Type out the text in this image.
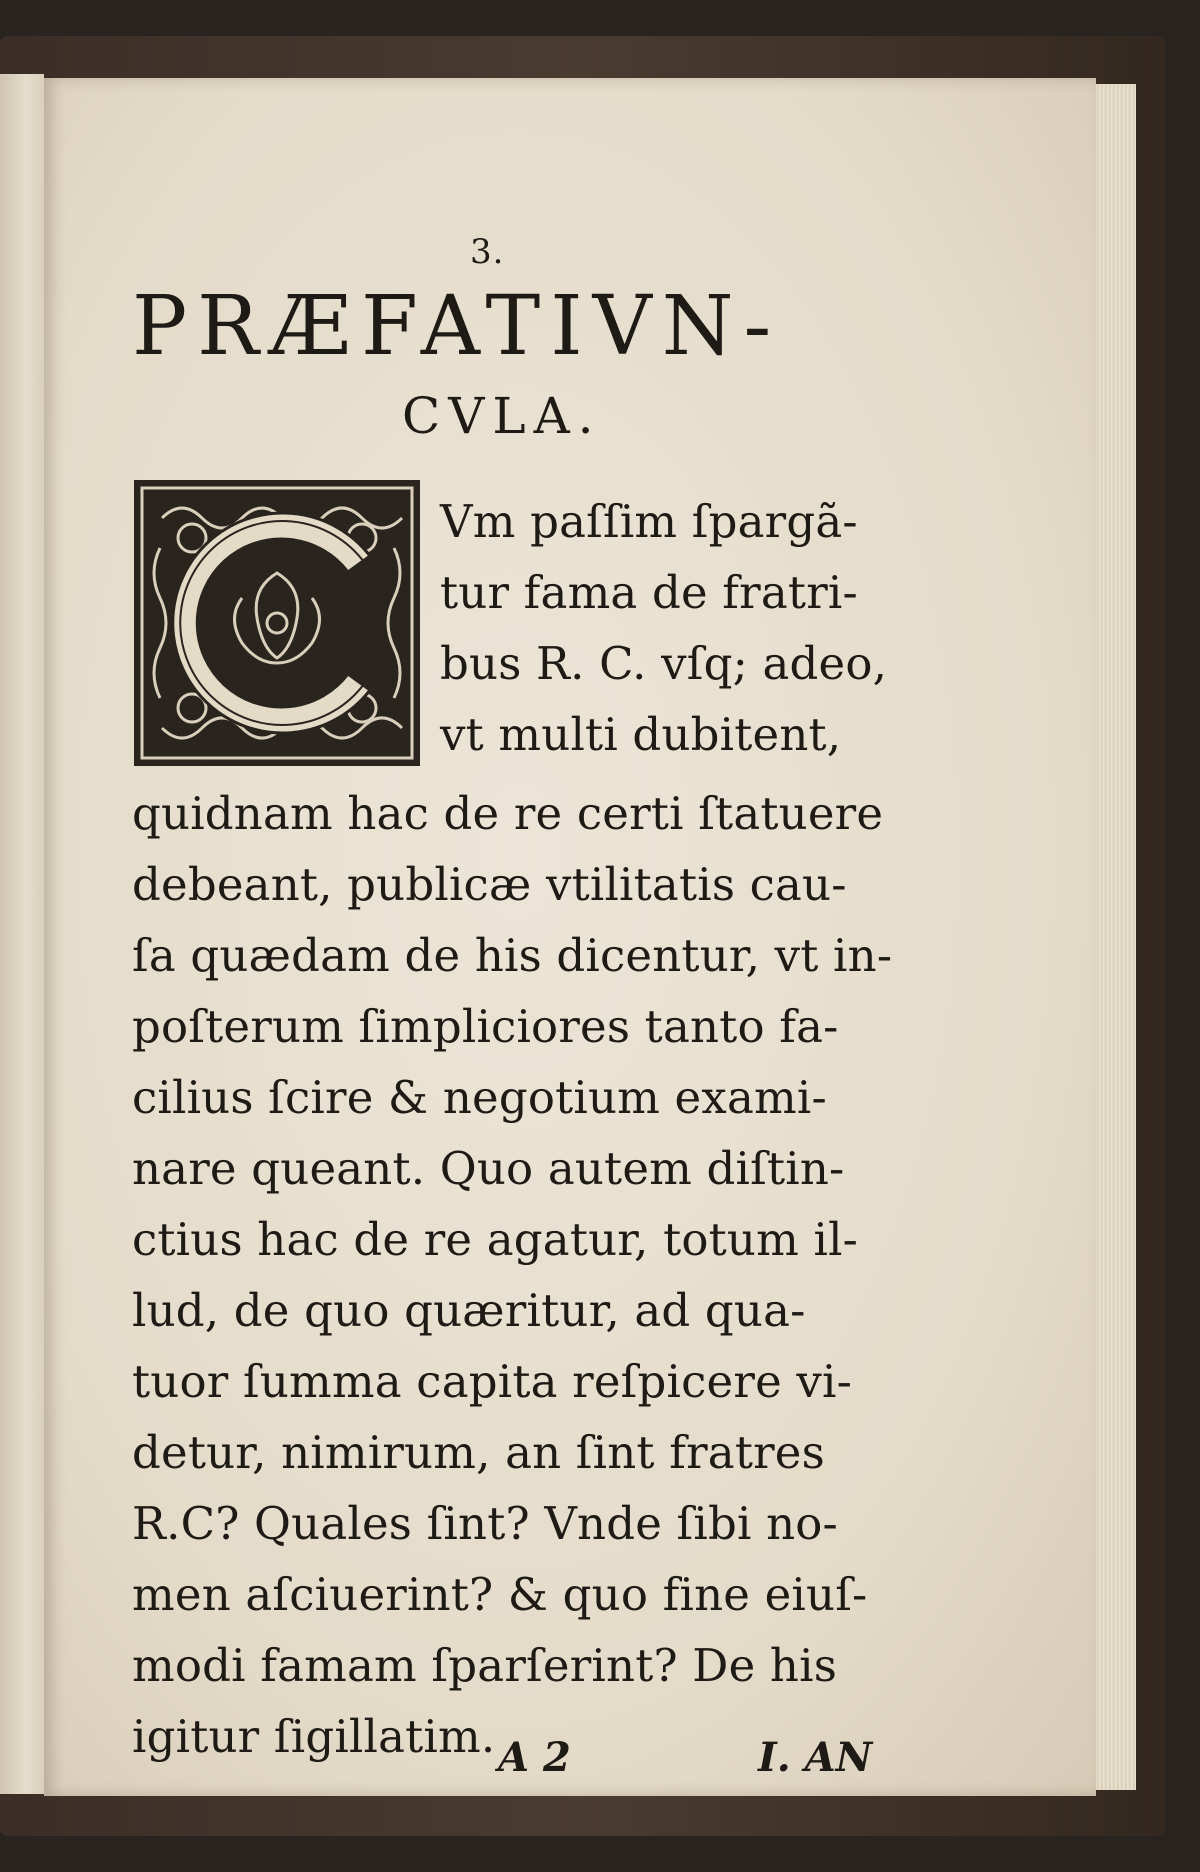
3.
PRÆFATIVN-
CVLA.
Vm paſſim ſpargã-
tur fama de fratri-
bus R. C. vſq; adeo,
vt multi dubitent,
quidnam hac de re certi ſtatuere
debeant, publicæ vtilitatis cau-
ſa quædam de his dicentur, vt in-
poſterum ſimpliciores tanto fa-
cilius ſcire & negotium exami-
nare queant. Quo autem diſtin-
ctius hac de re agatur, totum il-
lud, de quo quæritur, ad qua-
tuor ſumma capita reſpicere vi-
detur, nimirum, an ſint fratres
R.C? Quales ſint? Vnde ſibi no-
men aſciuerint? & quo fine eiuſ-
modi famam ſparſerint? De his
igitur ſigillatim. A 2	I. AN
